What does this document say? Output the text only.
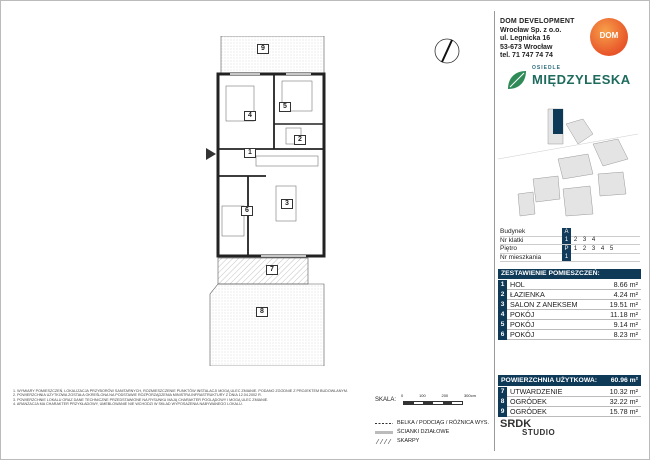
9
4
5
2
1
6
3
7
8
DOM DEVELOPMENT
Wrocław Sp. z o.o.
ul. Legnicka 16
53-673 Wrocław
tel. 71 747 74 74
DOM
OSIEDLE
MIĘDZYLESKA
Budynek	A
Nr klatki	1 2 3 4
Piętro	P 1 2 3 4 5
Nr mieszkania	1
ZESTAWIENIE POMIESZCZEŃ:
1 HOL	8.66 m²
2 ŁAZIENKA	4.24 m²
3 SALON Z ANEKSEM	19.51 m²
4 POKÓJ	11.18 m²
5 POKÓJ	9.14 m²
6 POKÓJ	8.23 m²
POWIERZCHNIA UŻYTKOWA:	60.96 m²
7 UTWARDZENIE	10.32 m²
8 OGRÓDEK	32.22 m²
9 OGRÓDEK	15.78 m²
1. WYMIARY POMIESZCZEŃ, LOKALIZACJA PRZYBORÓW SANITARNYCH, ROZMIESZCZENIE PUNKTÓW INSTALACJI MOGĄ ULEC ZMIANIE. PODANO ZGODNIE Z PROJEKTEM BUDOWLANYM.
2. POWIERZCHNIA UŻYTKOWA ZOSTAŁA OKREŚLONA NA PODSTAWIE ROZPORZĄDZENIA MINISTRA INFRASTRUKTURY Z DNIA 12.04.2002 R.
3. POWIERZCHNIE LOKALU ORAZ DANE TECHNICZNE PRZEDSTAWIONE NA RYSUNKU MAJĄ CHARAKTER POGLĄDOWY I MOGĄ ULEC ZMIANIE.
4. ARANŻACJA MA CHARAKTER PRZYKŁADOWY, UMEBLOWANIE NIE WCHODZI W SKŁAD WYPOSAŻENIA NABYWANEGO LOKALU.
SKALA:
0	100	200	300cm
BELKA / PODCIĄG / RÓŻNICA WYS.
ŚCIANKI DZIAŁOWE
SKARPY
SRDK
STUDIO
